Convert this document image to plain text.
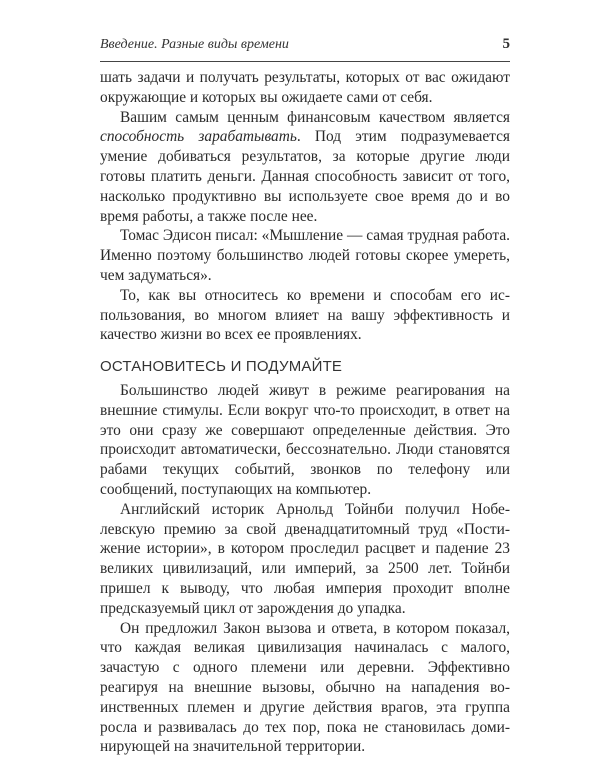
Введение. Разные виды времени	5

шать задачи и получать результаты, которых от вас ожидают окружающие и которых вы ожидаете сами от себя.

Вашим самым ценным финансовым качеством является способность зарабатывать. Под этим подразумевается умение добиваться результатов, за которые другие люди готовы платить деньги. Данная способность зависит от того, насколько продуктивно вы используете свое время до и во время работы, а также после нее.

Томас Эдисон писал: «Мышление — самая трудная работа. Именно поэтому большинство людей готовы скорее умереть, чем задуматься».

То, как вы относитесь ко времени и способам его использования, во многом влияет на вашу эффективность и качество жизни во всех ее проявлениях.

ОСТАНОВИТЕСЬ И ПОДУМАЙТЕ

Большинство людей живут в режиме реагирования на внешние стимулы. Если вокруг что-то происходит, в ответ на это они сразу же совершают определенные действия. Это происходит автоматически, бессознательно. Люди становятся рабами текущих событий, звонков по телефону или сообщений, поступающих на компьютер.

Английский историк Арнольд Тойнби получил Нобелевскую премию за свой двенадцатитомный труд «Постижение истории», в котором проследил расцвет и падение 23 великих цивилизаций, или империй, за 2500 лет. Тойнби пришел к выводу, что любая империя проходит вполне предсказуемый цикл от зарождения до упадка.

Он предложил Закон вызова и ответа, в котором показал, что каждая великая цивилизация начиналась с малого, зачастую с одного племени или деревни. Эффективно реагируя на внешние вызовы, обычно на нападения воинственных племен и другие действия врагов, эта группа росла и развивалась до тех пор, пока не становилась доминирующей на значительной территории.
